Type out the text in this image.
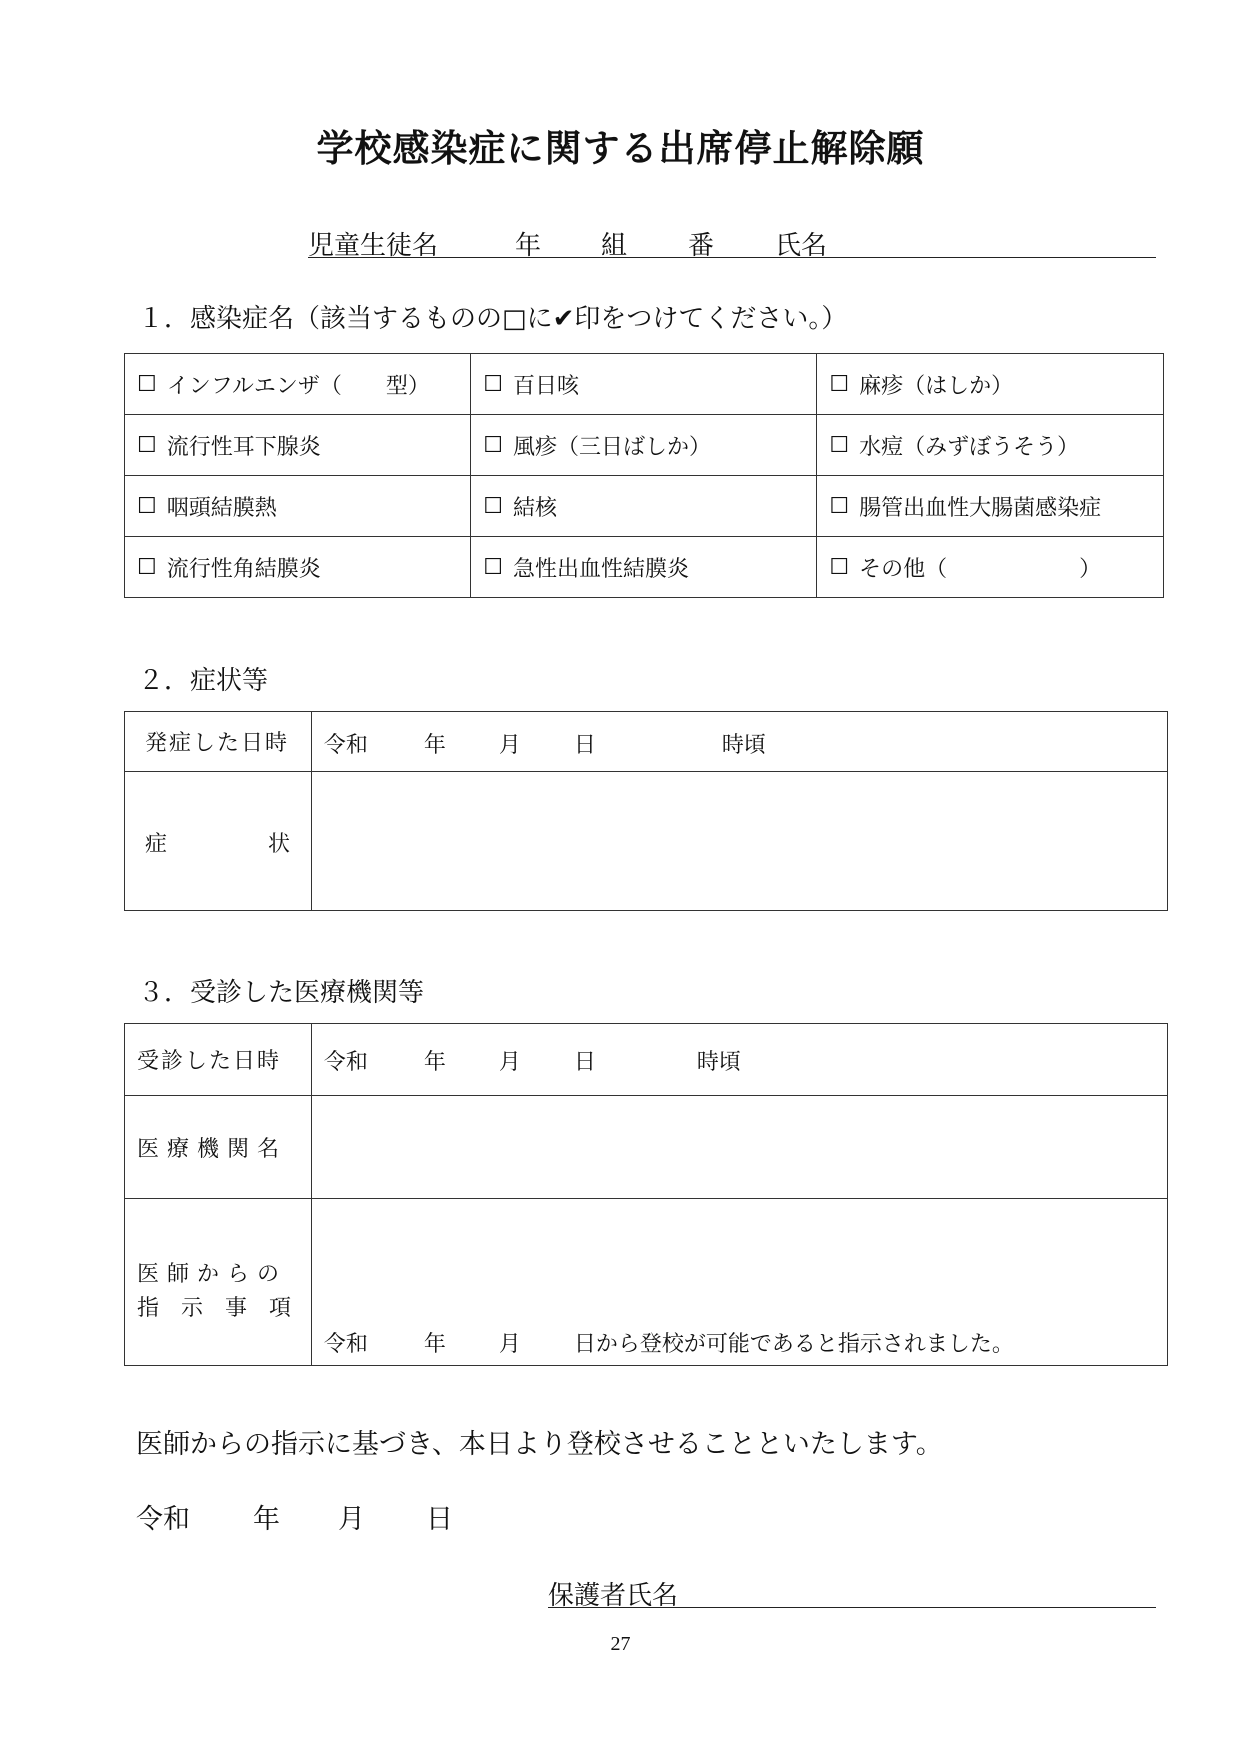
学校感染症に関する出席停止解除願
児童生徒名	年 組 番 氏名
１．感染症名（該当するものの□に✔印をつけてください。）
☐ インフルエンザ（　　型）	☐ 百日咳	☐ 麻疹（はしか）

☐ 流行性耳下腺炎	☐ 風疹（三日ばしか）	☐ 水痘（みずぼうそう）

☐ 咽頭結膜熱	☐ 結核	☐ 腸管出血性大腸菌感染症

☐ 流行性角結膜炎	☐ 急性出血性結膜炎	☐ その他（　　　　　　）
２．症状等
発症した日時	令和 年 月 日 時頃

症 状	

３．受診した医療機関等
受診した日時	令和 年 月 日 時頃

医療機関名	

医師からの
指　示　事　項	令和 年 月 日から登校が可能であると指示されました。
医師からの指示に基づき、本日より登校させることといたします。
令和 年 月 日
保護者氏名
27
